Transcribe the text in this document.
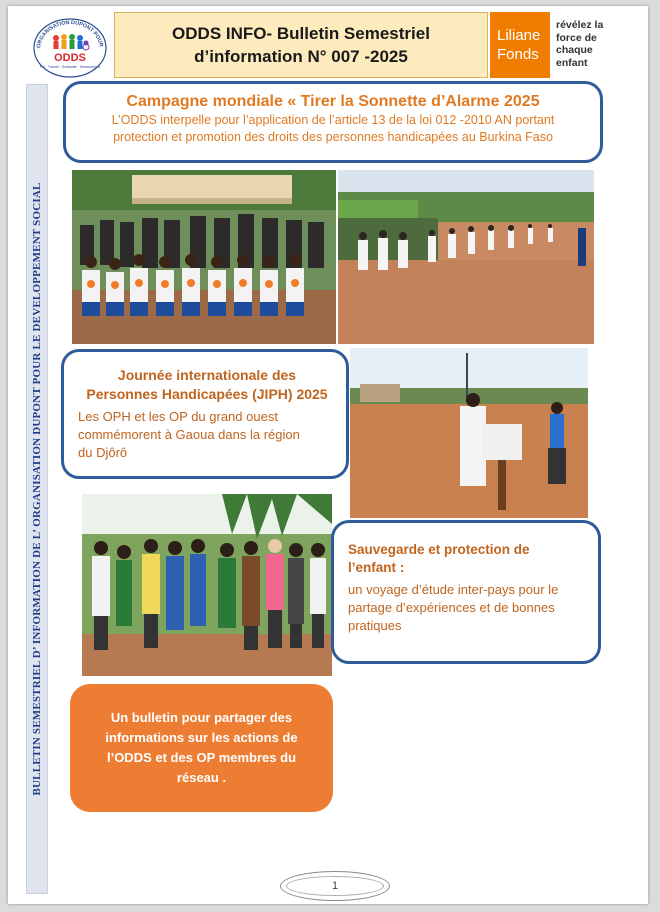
ORGANISATION DUPONT POUR
ODDS
Foi · Travail · Solidarité · Dévouement
ODDS INFO- Bulletin Semestriel
d’information N° 007 -2025
Liliane
Fonds
révélez la
force de
chaque
enfant
BULLETIN SEMESTRIEL D’ INFORMATION DE L’ ORGANISATION DUPONT POUR LE DEVELOPPEMENT SOCIAL
Campagne mondiale « Tirer la Sonnette d’Alarme 2025
L’ODDS interpelle pour l’application de l’article 13 de la loi 012 -2010 AN portant
protection et promotion des droits des personnes handicapées au Burkina Faso
Journée internationale des
Personnes Handicapées (JIPH) 2025
Les OPH et les OP du grand ouest
commémorent à Gaoua dans la région
du Djôrô
Sauvegarde et protection de
l’enfant :
un voyage d’étude inter-pays pour le
partage d’expériences et de bonnes
pratiques
Un bulletin pour partager des informations sur les actions de l’ODDS et des OP membres du réseau .
1
